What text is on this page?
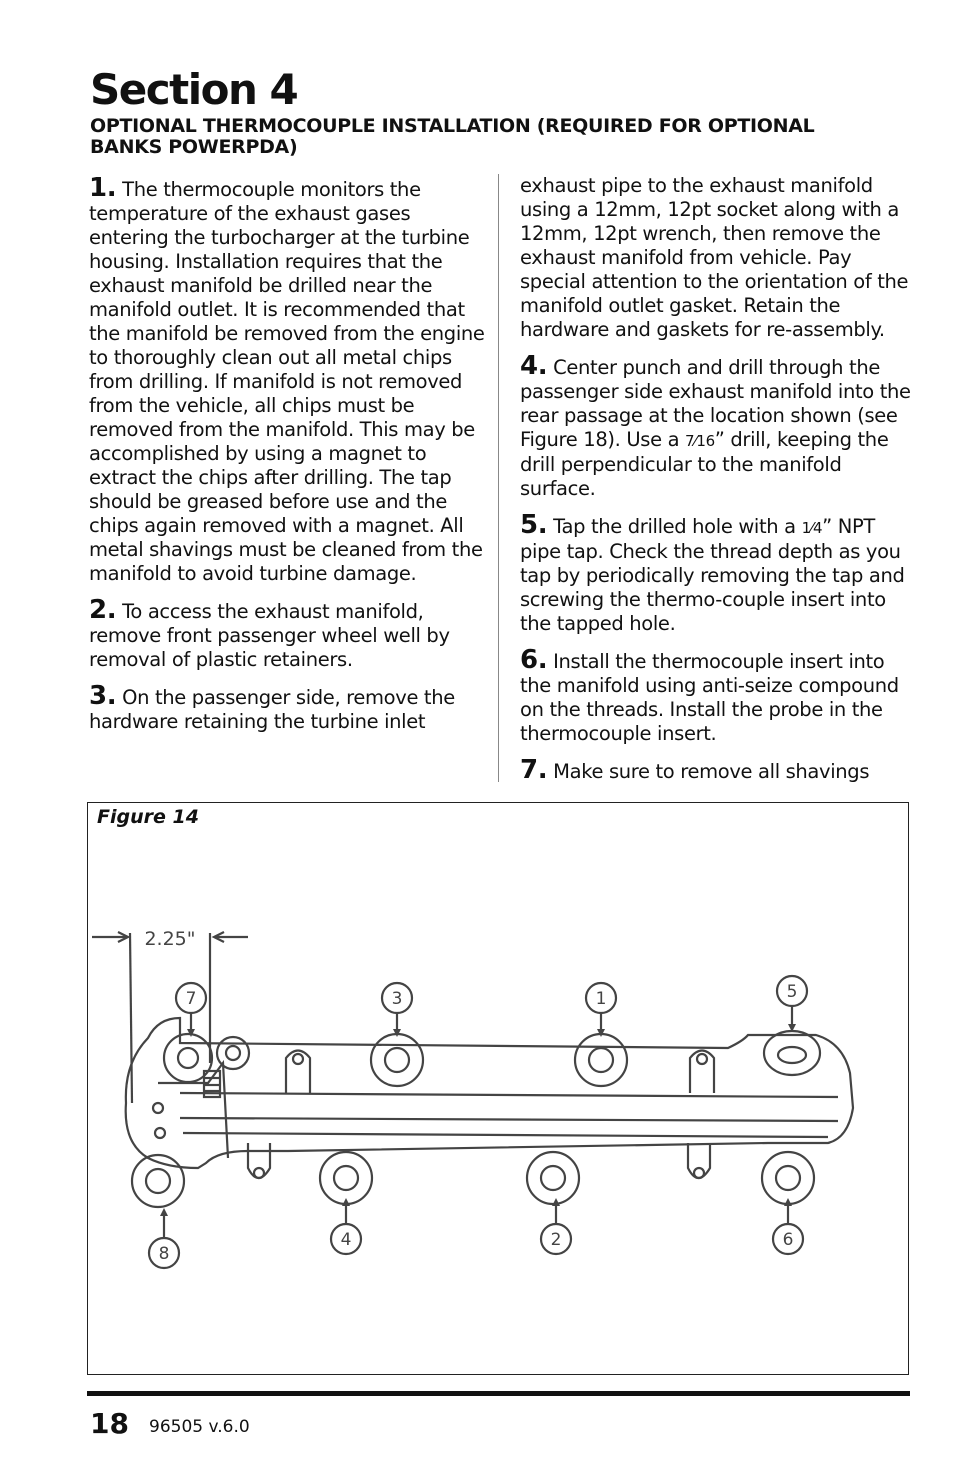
Section 4
OPTIONAL THERMOCOUPLE INSTALLATION (REQUIRED FOR OPTIONAL BANKS POWERPDA)

1. The thermocouple monitors the temperature of the exhaust gases entering the turbocharger at the turbine housing. Installation requires that the exhaust manifold be drilled near the manifold outlet. It is recommended that the manifold be removed from the engine to thoroughly clean out all metal chips from drilling. If manifold is not removed from the vehicle, all chips must be removed from the manifold. This may be accomplished by using a magnet to extract the chips after drilling. The tap should be greased before use and the chips again removed with a magnet. All metal shavings must be cleaned from the manifold to avoid turbine damage.

2. To access the exhaust manifold, remove front passenger wheel well by removal of plastic retainers.

3. On the passenger side, remove the hardware retaining the turbine inlet

exhaust pipe to the exhaust manifold using a 12mm, 12pt socket along with a 12mm, 12pt wrench, then remove the exhaust manifold from vehicle. Pay special attention to the orientation of the manifold outlet gasket. Retain the hardware and gaskets for re-assembly.

4. Center punch and drill through the passenger side exhaust manifold into the rear passage at the location shown (see Figure 18). Use a 7⁄16” drill, keeping the drill perpendicular to the manifold surface.

5. Tap the drilled hole with a 1⁄4” NPT pipe tap. Check the thread depth as you tap by periodically removing the tap and screwing the thermo-couple insert into the tapped hole.

6. Install the thermocouple insert into the manifold using anti-seize compound on the threads. Install the probe in the thermocouple insert.

7. Make sure to remove all shavings

2.25"
7	3	1	5
8
4	2	6
Figure 14
18 96505 v.6.0
